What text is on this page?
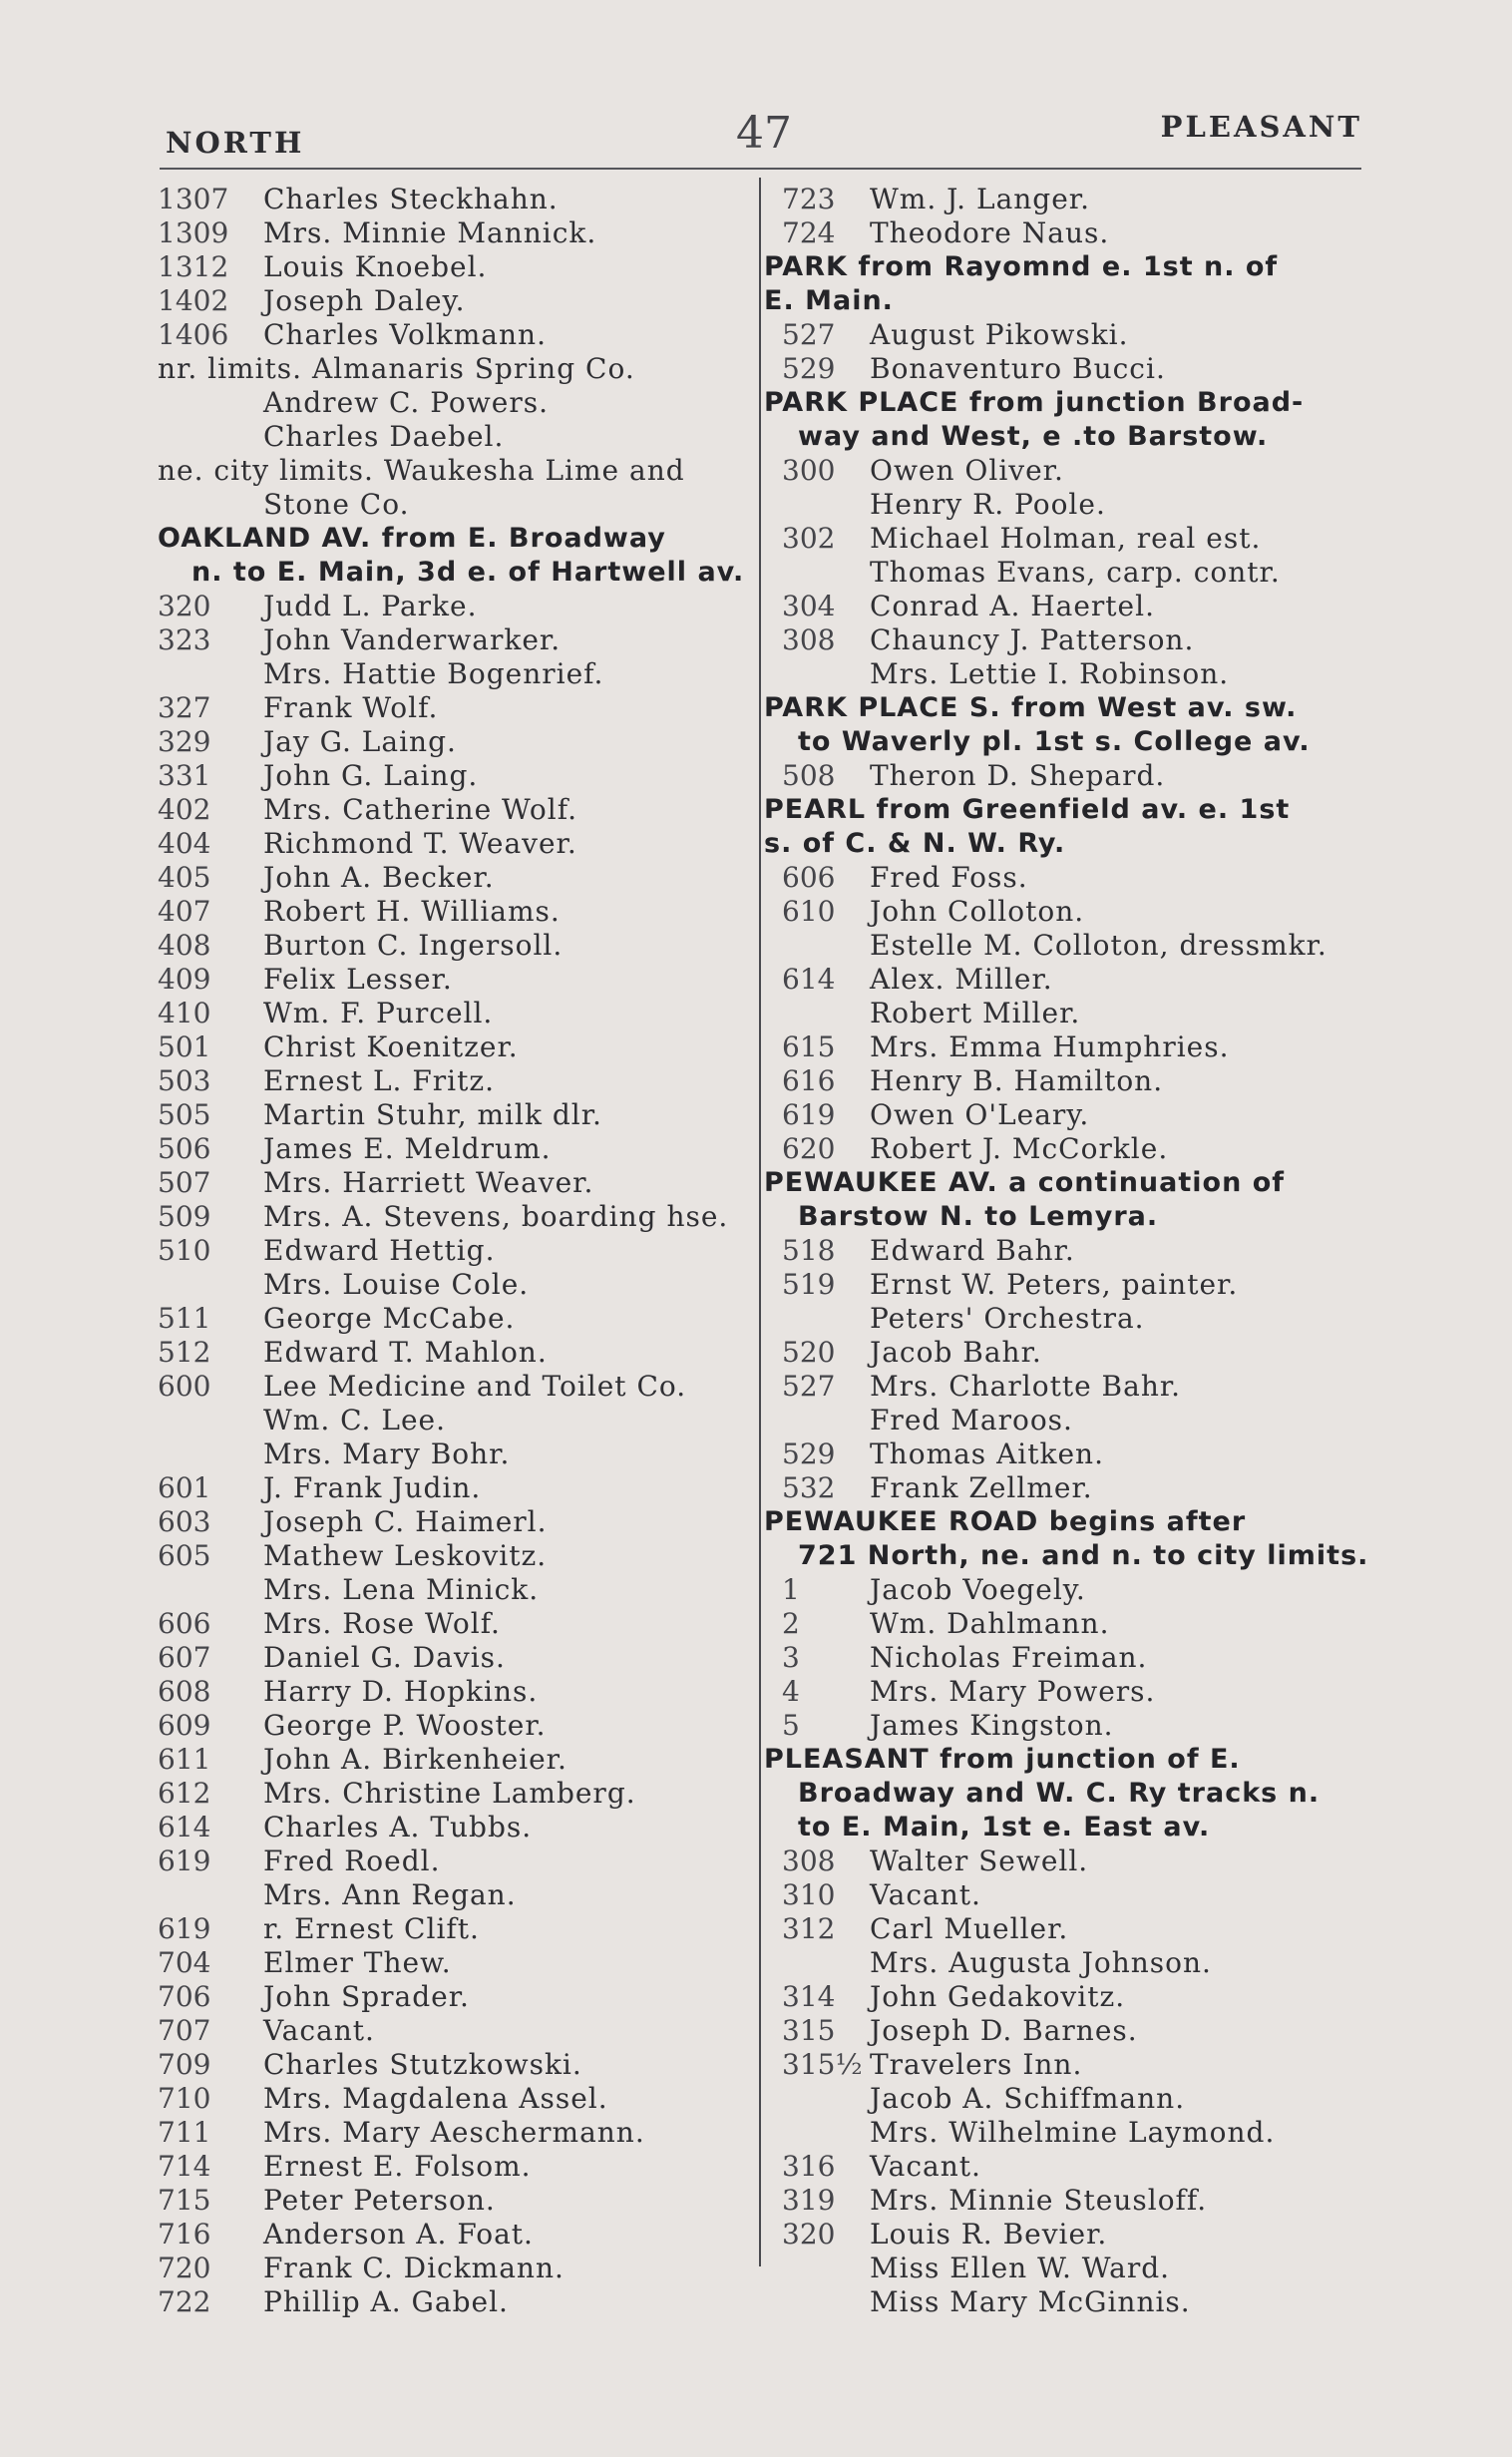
NORTH	47	PLEASANT
1307	Charles Steckhahn.
1309	Mrs. Minnie Mannick.
1312	Louis Knoebel.
1402	Joseph Daley.
1406	Charles Volkmann.
nr. limits. Almanaris Spring Co.
Andrew C. Powers.
Charles Daebel.
ne. city limits. Waukesha Lime and
Stone Co.
OAKLAND AV. from E. Broadway
n. to E. Main, 3d e. of Hartwell av.
320	Judd L. Parke.
323	John Vanderwarker.
Mrs. Hattie Bogenrief.
327	Frank Wolf.
329	Jay G. Laing.
331	John G. Laing.
402	Mrs. Catherine Wolf.
404	Richmond T. Weaver.
405	John A. Becker.
407	Robert H. Williams.
408	Burton C. Ingersoll.
409	Felix Lesser.
410	Wm. F. Purcell.
501	Christ Koenitzer.
503	Ernest L. Fritz.
505	Martin Stuhr, milk dlr.
506	James E. Meldrum.
507	Mrs. Harriett Weaver.
509	Mrs. A. Stevens, boarding hse.
510	Edward Hettig.
Mrs. Louise Cole.
511	George McCabe.
512	Edward T. Mahlon.
600	Lee Medicine and Toilet Co.
Wm. C. Lee.
Mrs. Mary Bohr.
601	J. Frank Judin.
603	Joseph C. Haimerl.
605	Mathew Leskovitz.
Mrs. Lena Minick.
606	Mrs. Rose Wolf.
607	Daniel G. Davis.
608	Harry D. Hopkins.
609	George P. Wooster.
611	John A. Birkenheier.
612	Mrs. Christine Lamberg.
614	Charles A. Tubbs.
619	Fred Roedl.
Mrs. Ann Regan.
619	r. Ernest Clift.
704	Elmer Thew.
706	John Sprader.
707	Vacant.
709	Charles Stutzkowski.
710	Mrs. Magdalena Assel.
711	Mrs. Mary Aeschermann.
714	Ernest E. Folsom.
715	Peter Peterson.
716	Anderson A. Foat.
720	Frank C. Dickmann.
722	Phillip A. Gabel.
723	Wm. J. Langer.
724	Theodore Naus.
PARK from Rayomnd e. 1st n. of
E. Main.
527	August Pikowski.
529	Bonaventuro Bucci.
PARK PLACE from junction Broad-
way and West, e .to Barstow.
300	Owen Oliver.
Henry R. Poole.
302	Michael Holman, real est.
Thomas Evans, carp. contr.
304	Conrad A. Haertel.
308	Chauncy J. Patterson.
Mrs. Lettie I. Robinson.
PARK PLACE S. from West av. sw.
to Waverly pl. 1st s. College av.
508	Theron D. Shepard.
PEARL from Greenfield av. e. 1st
s. of C. & N. W. Ry.
606	Fred Foss.
610	John Colloton.
Estelle M. Colloton, dressmkr.
614	Alex. Miller.
Robert Miller.
615	Mrs. Emma Humphries.
616	Henry B. Hamilton.
619	Owen O'Leary.
620	Robert J. McCorkle.
PEWAUKEE AV. a continuation of
Barstow N. to Lemyra.
518	Edward Bahr.
519	Ernst W. Peters, painter.
Peters' Orchestra.
520	Jacob Bahr.
527	Mrs. Charlotte Bahr.
Fred Maroos.
529	Thomas Aitken.
532	Frank Zellmer.
PEWAUKEE ROAD begins after
721 North, ne. and n. to city limits.
1	Jacob Voegely.
2	Wm. Dahlmann.
3	Nicholas Freiman.
4	Mrs. Mary Powers.
5	James Kingston.
PLEASANT from junction of E.
Broadway and W. C. Ry tracks n.
to E. Main, 1st e. East av.
308	Walter Sewell.
310	Vacant.
312	Carl Mueller.
Mrs. Augusta Johnson.
314	John Gedakovitz.
315	Joseph D. Barnes.
315½ Travelers Inn.
Jacob A. Schiffmann.
Mrs. Wilhelmine Laymond.
316	Vacant.
319	Mrs. Minnie Steusloff.
320	Louis R. Bevier.
Miss Ellen W. Ward.
Miss Mary McGinnis.
